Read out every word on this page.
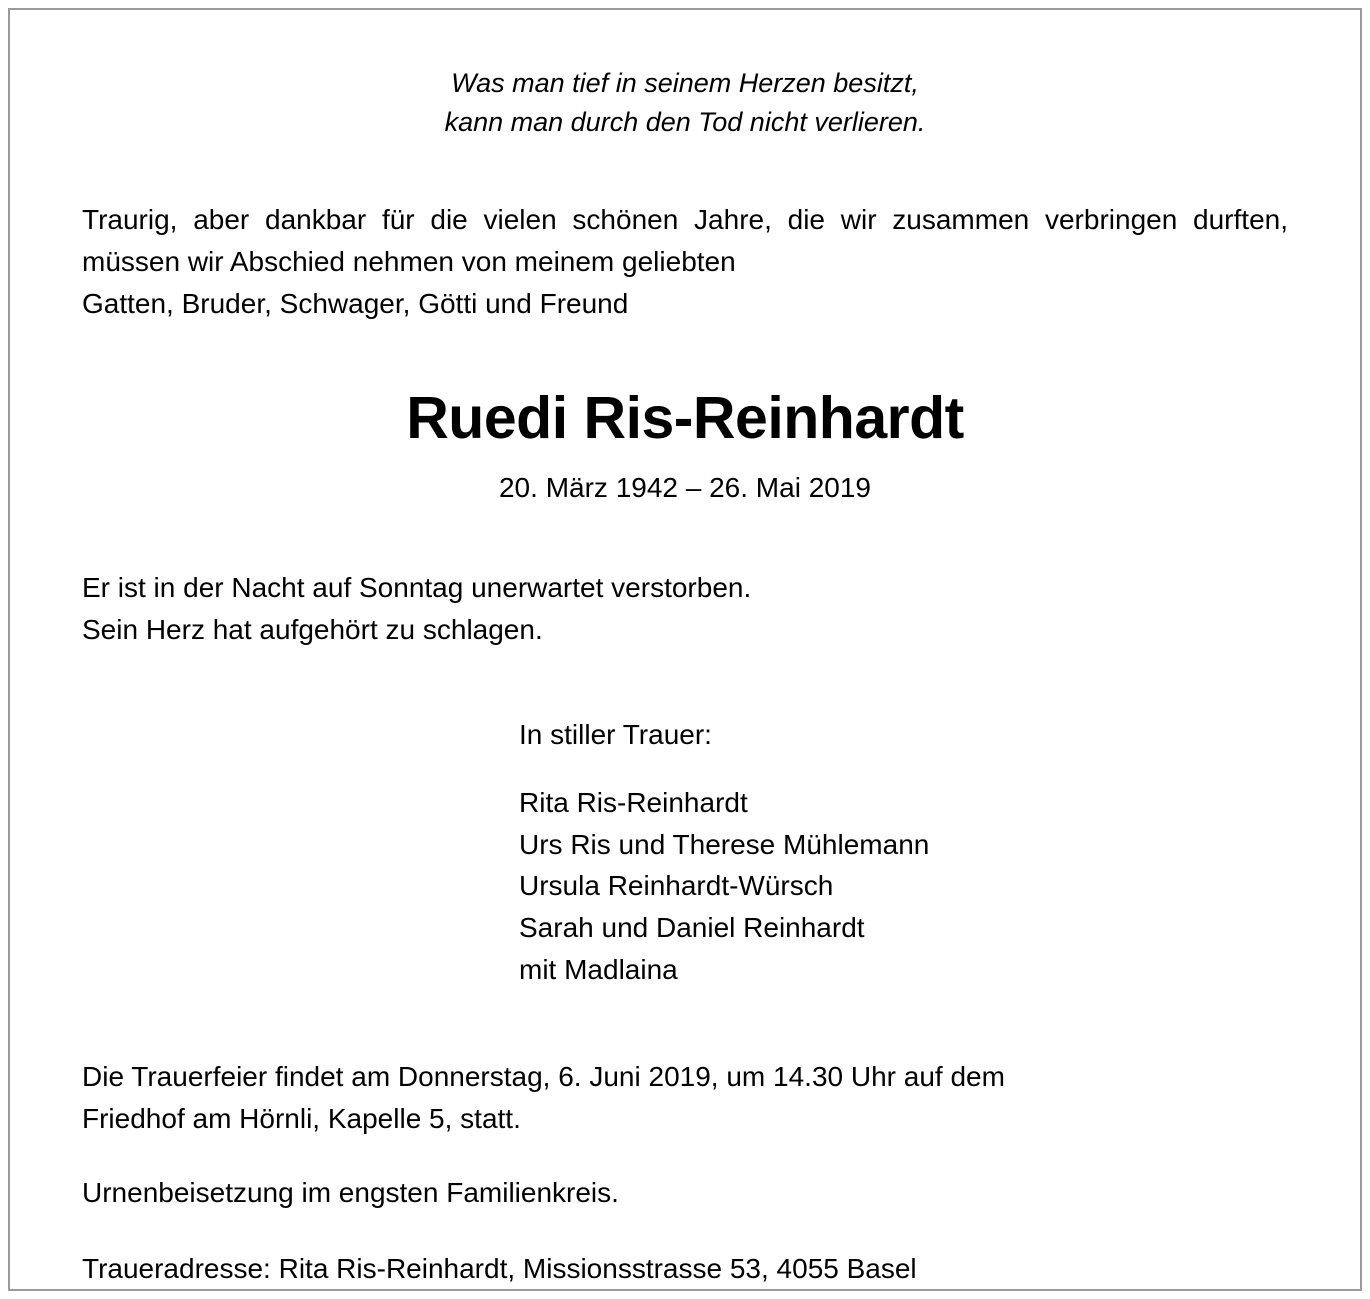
Was man tief in seinem Herzen besitzt,
kann man durch den Tod nicht verlieren.
Traurig, aber dankbar für die vielen schönen Jahre, die wir zusammen verbringen durften, müssen wir Abschied nehmen von meinem geliebten
Gatten, Bruder, Schwager, Götti und Freund
Ruedi Ris-Reinhardt
20. März 1942 – 26. Mai 2019
Er ist in der Nacht auf Sonntag unerwartet verstorben.
Sein Herz hat aufgehört zu schlagen.
In stiller Trauer:
Rita Ris-Reinhardt
Urs Ris und Therese Mühlemann
Ursula Reinhardt-Würsch
Sarah und Daniel Reinhardt
mit Madlaina
Die Trauerfeier findet am Donnerstag, 6. Juni 2019, um 14.30 Uhr auf dem
Friedhof am Hörnli, Kapelle 5, statt.
Urnenbeisetzung im engsten Familienkreis.
Traueradresse: Rita Ris-Reinhardt, Missionsstrasse 53, 4055 Basel
